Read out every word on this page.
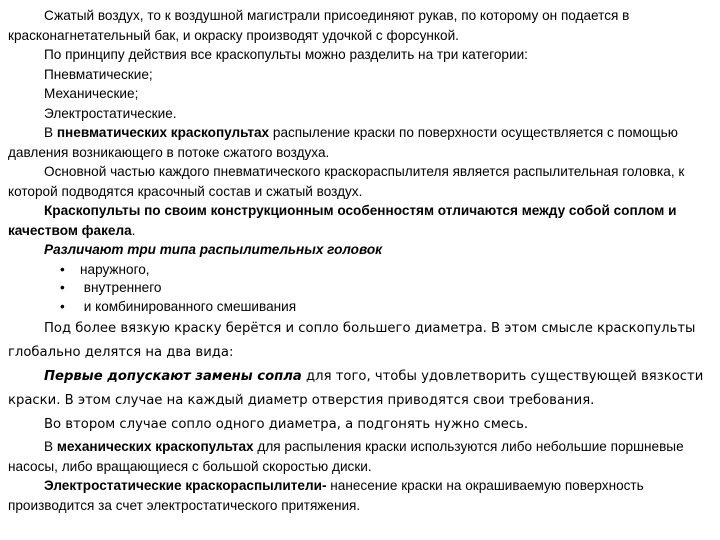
Сжатый воздух, то к воздушной магистрали присоединяют рукав, по которому он подается в красконагнетательный бак, и окраску производят удочкой с форсункой.

По принципу действия все краскопульты можно разделить на три категории:

Пневматические;

Механические;

Электростатические.

В пневматических краскопультах распыление краски по поверхности осуществляется с помощью давления возникающего в потоке сжатого воздуха.

Основной частью каждого пневматического краскораспылителя является распылительная головка, к которой подводятся красочный состав и сжатый воздух.

Краскопульты по своим конструкционным особенностям отличаются между собой соплом и качеством факела.

Различают три типа распылительных головок

• наружного,
• внутреннего
• и комбинированного смешивания

Под более вязкую краску берётся и сопло большего диаметра. В этом смысле краскопульты глобально делятся на два вида:

Первые допускают замены сопла для того, чтобы удовлетворить существующей вязкости краски. В этом случае на каждый диаметр отверстия приводятся свои требования.

Во втором случае сопло одного диаметра, а подгонять нужно смесь.

В механических краскопультах для распыления краски используются либо небольшие поршневые насосы, либо вращающиеся с большой скоростью диски.

Электростатические краскораспылители- нанесение краски на окрашиваемую поверхность производится за счет электростатического притяжения.
